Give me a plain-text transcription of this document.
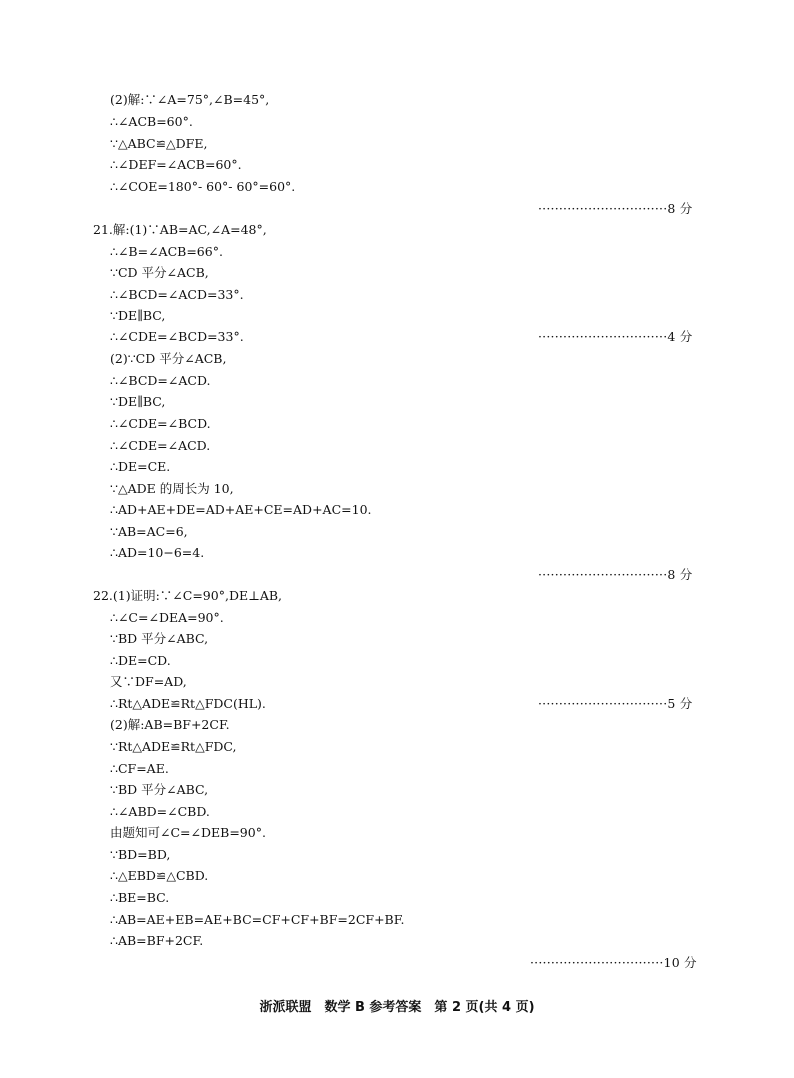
(2)解:∵∠A=75°,∠B=45°,
∴∠ACB=60°.
∵△ABC≌△DFE,
∴∠DEF=∠ACB=60°.
∴∠COE=180°- 60°- 60°=60°.
·······························8 分
21.解:(1)∵AB=AC,∠A=48°,
∴∠B=∠ACB=66°.
∵CD 平分∠ACB,
∴∠BCD=∠ACD=33°.
∵DE∥BC,
∴∠CDE=∠BCD=33°.	·······························4 分
(2)∵CD 平分∠ACB,
∴∠BCD=∠ACD.
∵DE∥BC,
∴∠CDE=∠BCD.
∴∠CDE=∠ACD.
∴DE=CE.
∵△ADE 的周长为 10,
∴AD+AE+DE=AD+AE+CE=AD+AC=10.
∵AB=AC=6,
∴AD=10−6=4.
·······························8 分
22.(1)证明:∵∠C=90°,DE⊥AB,
∴∠C=∠DEA=90°.
∵BD 平分∠ABC,
∴DE=CD.
又∵DF=AD,
∴Rt△ADE≌Rt△FDC(HL).	·······························5 分
(2)解:AB=BF+2CF.
∵Rt△ADE≌Rt△FDC,
∴CF=AE.
∵BD 平分∠ABC,
∴∠ABD=∠CBD.
由题知可∠C=∠DEB=90°.
∵BD=BD,
∴△EBD≌△CBD.
∴BE=BC.
∴AB=AE+EB=AE+BC=CF+CF+BF=2CF+BF.
∴AB=BF+2CF.
································10 分
浙派联盟　数学 B 参考答案　第 2 页(共 4 页)
